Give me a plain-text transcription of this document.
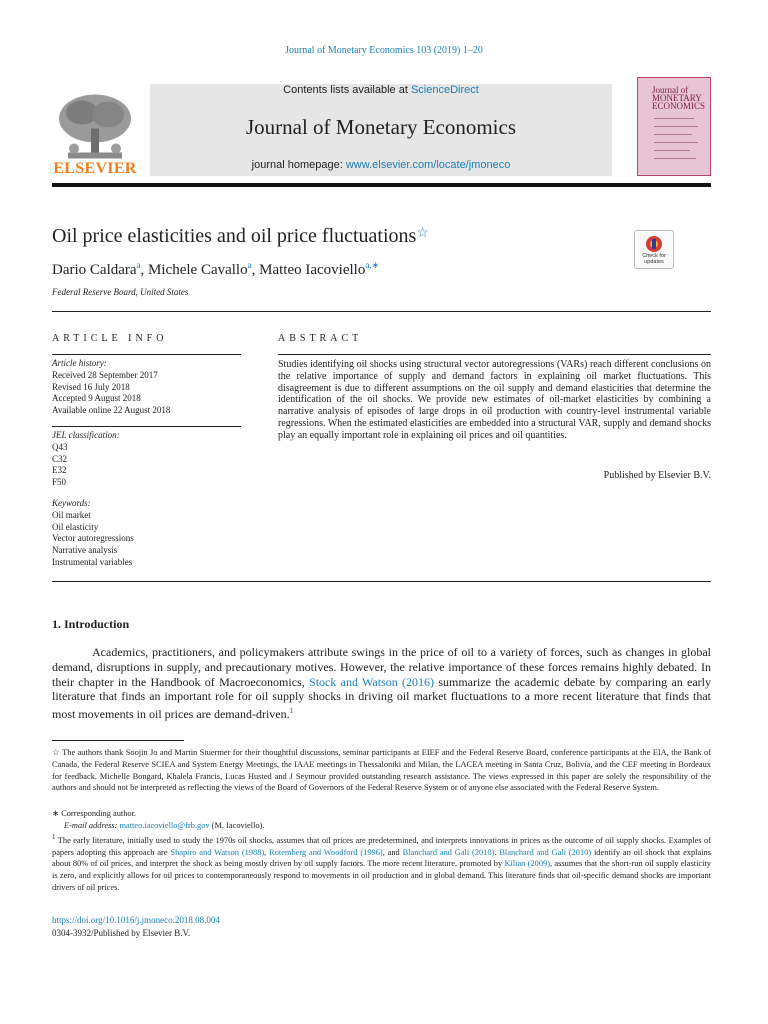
Journal of Monetary Economics 103 (2019) 1–20
ELSEVIER
Contents lists available at ScienceDirect
Journal of Monetary Economics
journal homepage: www.elsevier.com/locate/jmoneco
Journal of MONETARY ECONOMICS
Oil price elasticities and oil price fluctuations☆
Check for updates
Dario Caldara$^a$, Michele Cavallo$^a$, Matteo Iacoviello$^{a,∗}$
Federal Reserve Board, United States
ARTICLE INFO	ABSTRACT
Article history:
Received 28 September 2017
Revised 16 July 2018
Accepted 9 August 2018
Available online 22 August 2018
JEL classification:
Q43
C32
E32
F50
Keywords:
Oil market
Oil elasticity
Vector autoregressions
Narrative analysis
Instrumental variables
Studies identifying oil shocks using structural vector autoregressions (VARs) reach different conclusions on the relative importance of supply and demand factors in explaining oil market fluctuations. This disagreement is due to different assumptions on the oil supply and demand elasticities that determine the identification of the oil shocks. We provide new estimates of oil-market elasticities by combining a narrative analysis of episodes of large drops in oil production with country-level instrumental variable regressions. When the estimated elasticities are embedded into a structural VAR, supply and demand shocks play an equally important role in explaining oil prices and oil quantities.
Published by Elsevier B.V.
1. Introduction
Academics, practitioners, and policymakers attribute swings in the price of oil to a variety of forces, such as changes in global demand, disruptions in supply, and precautionary motives. However, the relative importance of these forces remains highly debated. In their chapter in the Handbook of Macroeconomics, Stock and Watson (2016) summarize the academic debate by comparing an early literature that finds an important role for oil supply shocks in driving oil market fluctuations to a more recent literature that finds that most movements in oil prices are demand-driven.$^1$
☆ The authors thank Soojin Jo and Martin Stuermer for their thoughtful discussions, seminar participants at EIEF and the Federal Reserve Board, conference participants at the EIA, the Bank of Canada, the Federal Reserve SCIEA and System Energy Meetings, the IAAE meetings in Thessaloniki and Milan, the LACEA meeting in Santa Cruz, Bolivia, and the CEF meeting in Bordeaux for feedback. Michelle Bongard, Khalela Francis, Lucas Husted and J Seymour provided outstanding research assistance. The views expressed in this paper are solely the responsibility of the authors and should not be interpreted as reflecting the views of the Board of Governors of the Federal Reserve System or of anyone else associated with the Federal Reserve System.
∗ Corresponding author.
E-mail address: matteo.iacoviello@frb.gov (M. Iacoviello).
$^1$ The early literature, initially used to study the 1970s oil shocks, assumes that oil prices are predetermined, and interprets innovations in prices as the outcome of oil supply shocks. Examples of papers adopting this approach are Shapiro and Watson (1988), Rotemberg and Woodford (1996), and Blanchard and Gali (2010). Blanchard and Gali (2010) identify an oil shock that explains about 80% of oil prices, and interpret the shock as being mostly driven by oil supply factors. The more recent literature, promoted by Kilian (2009), assumes that the short-run oil supply elasticity is zero, and explicitly allows for oil prices to contemporaneously respond to movements in oil production and in global demand. This literature finds that oil-specific demand shocks are important drivers of oil prices.
https://doi.org/10.1016/j.jmoneco.2018.08.004
0304-3932/Published by Elsevier B.V.
